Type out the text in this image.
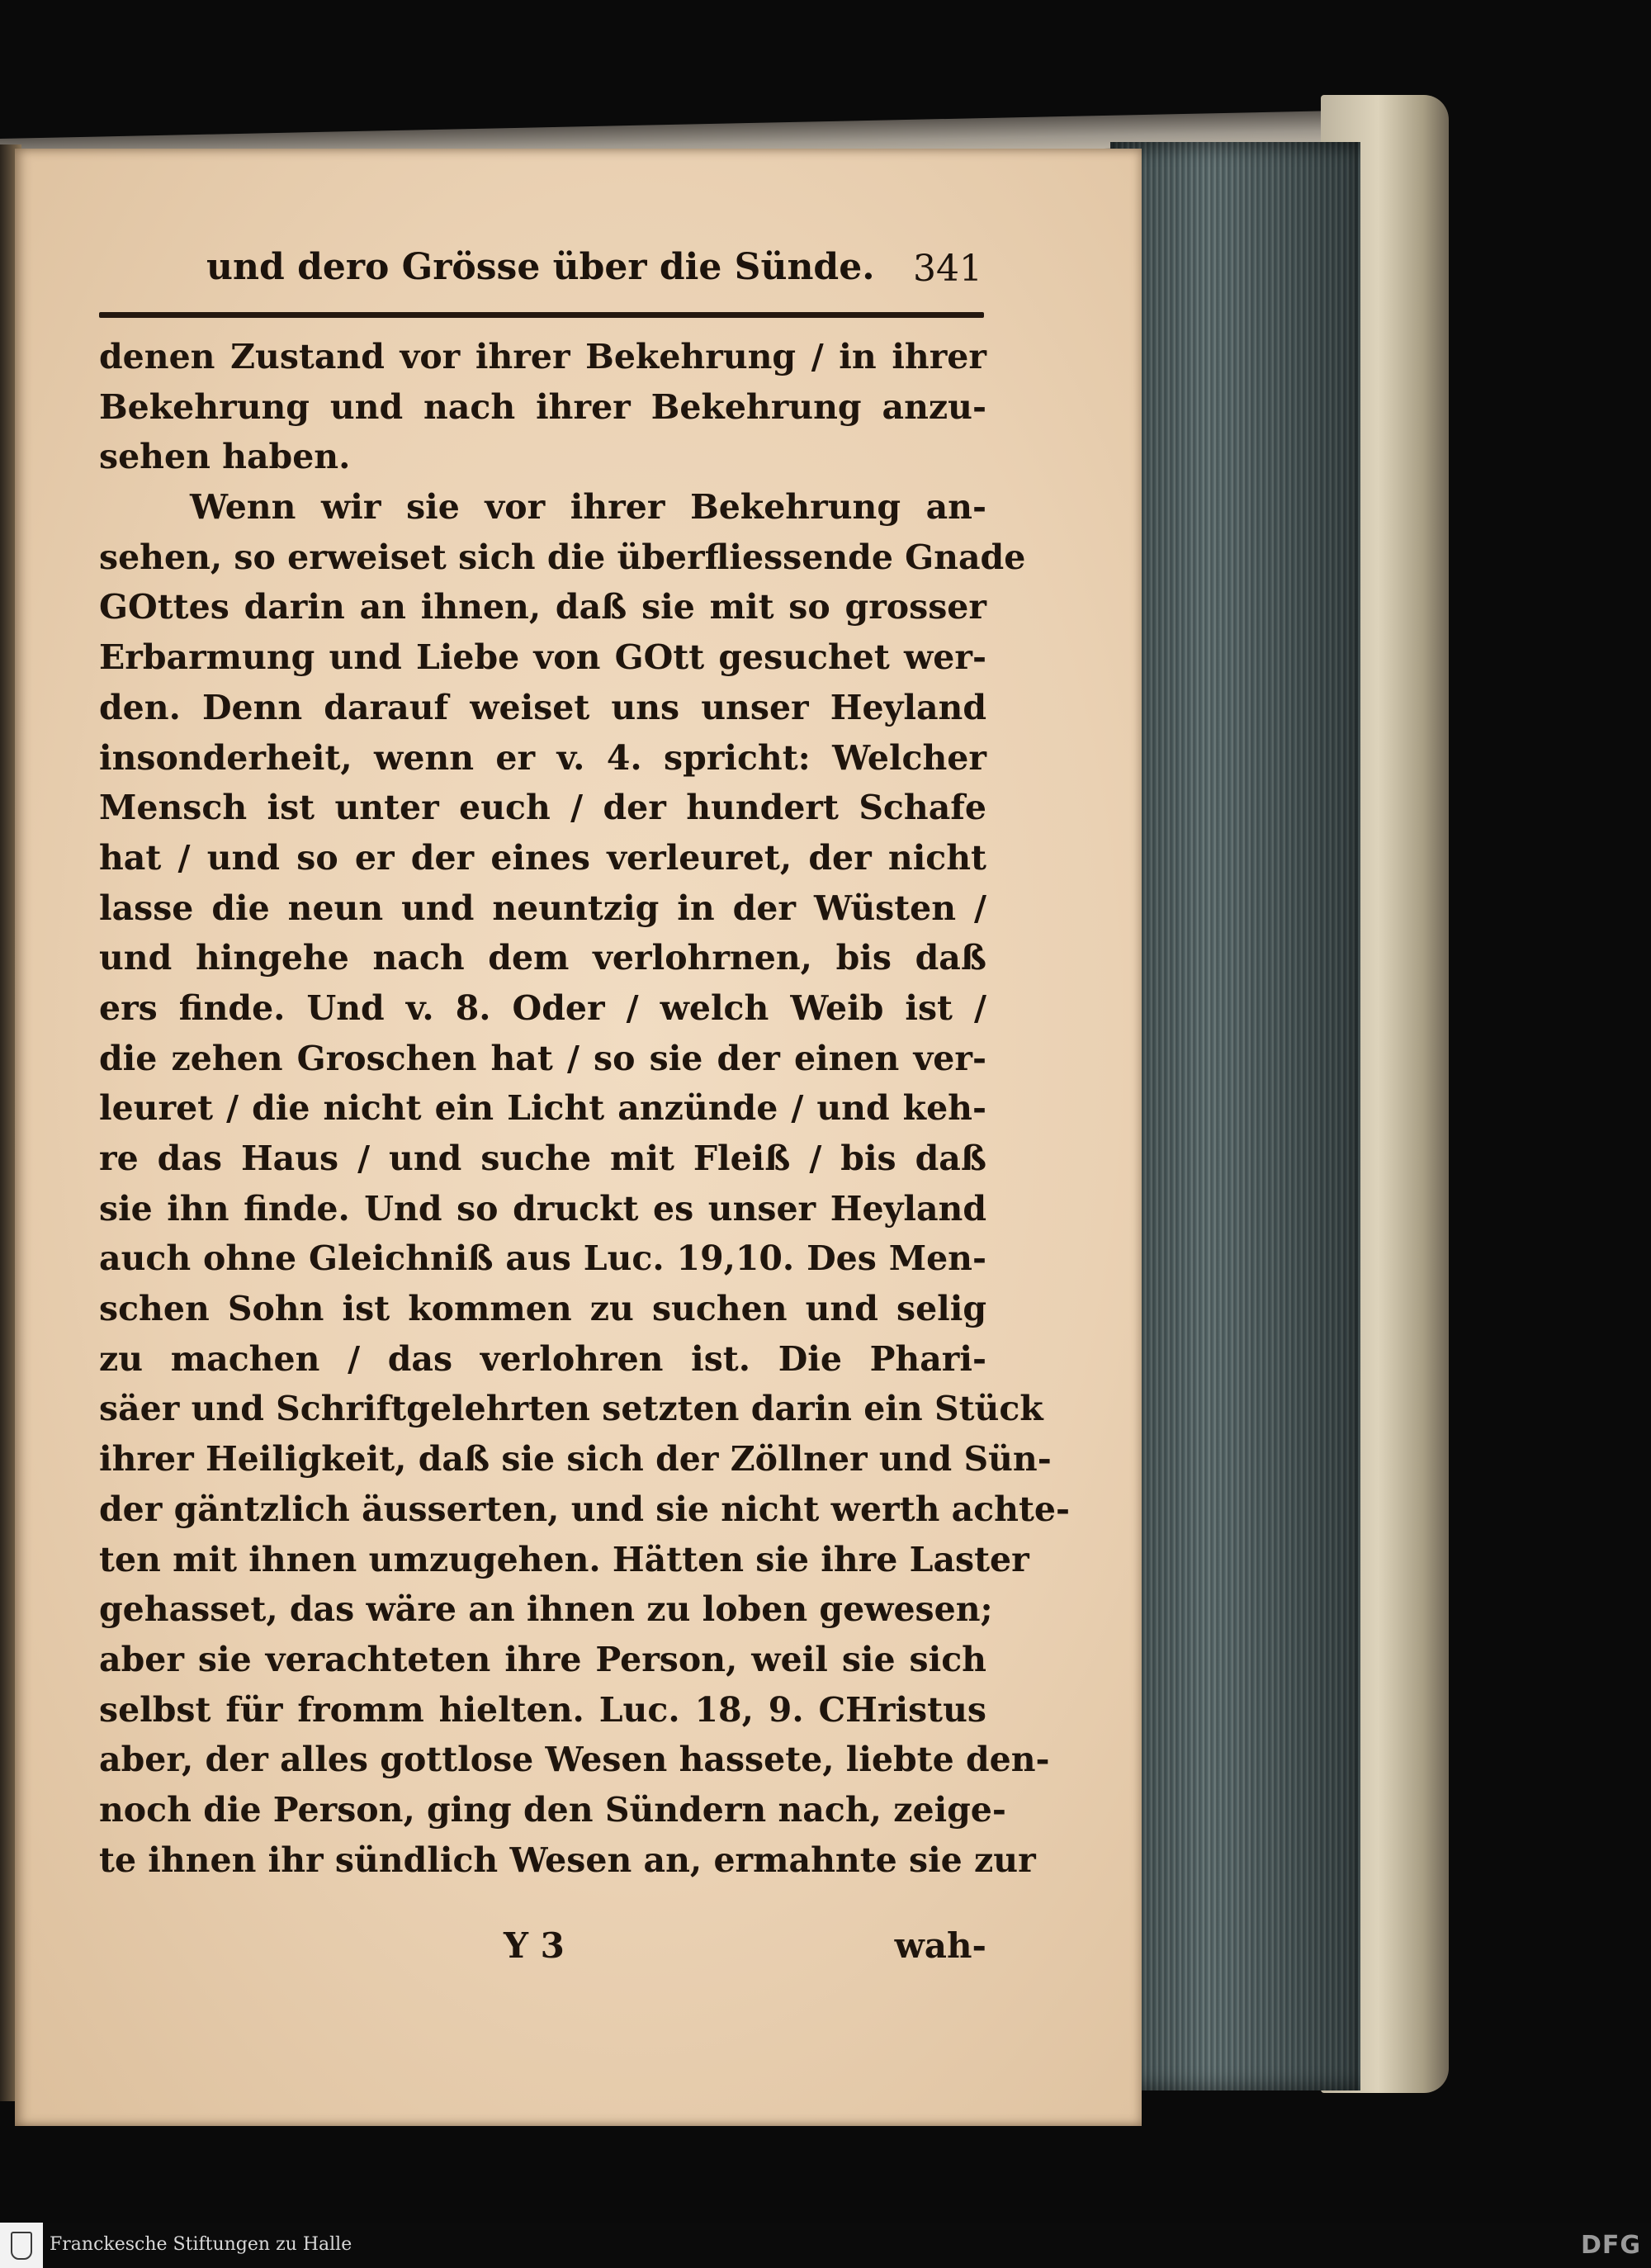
und dero Grösse über die Sünde. 341
denen Zustand vor ihrer Bekehrung / in ihrer
Bekehrung und nach ihrer Bekehrung anzu-
sehen haben.
Wenn wir sie vor ihrer Bekehrung an-
sehen, so erweiset sich die überfliessende Gnade
GOttes darin an ihnen, daß sie mit so grosser
Erbarmung und Liebe von GOtt gesuchet wer-
den. Denn darauf weiset uns unser Heyland
insonderheit, wenn er v. 4. spricht: Welcher
Mensch ist unter euch / der hundert Schafe
hat / und so er der eines verleuret, der nicht
lasse die neun und neuntzig in der Wüsten /
und hingehe nach dem verlohrnen, bis daß
ers finde. Und v. 8. Oder / welch Weib ist /
die zehen Groschen hat / so sie der einen ver-
leuret / die nicht ein Licht anzünde / und keh-
re das Haus / und suche mit Fleiß / bis daß
sie ihn finde. Und so druckt es unser Heyland
auch ohne Gleichniß aus Luc. 19,10. Des Men-
schen Sohn ist kommen zu suchen und selig
zu machen / das verlohren ist. Die Phari-
säer und Schriftgelehrten setzten darin ein Stück
ihrer Heiligkeit, daß sie sich der Zöllner und Sün-
der gäntzlich äusserten, und sie nicht werth achte-
ten mit ihnen umzugehen. Hätten sie ihre Laster
gehasset, das wäre an ihnen zu loben gewesen;
aber sie verachteten ihre Person, weil sie sich
selbst für fromm hielten. Luc. 18, 9. CHristus
aber, der alles gottlose Wesen hassete, liebte den-
noch die Person, ging den Sündern nach, zeige-
te ihnen ihr sündlich Wesen an, ermahnte sie zur
Y 3	wah-
Franckesche Stiftungen zu Halle	DFG
